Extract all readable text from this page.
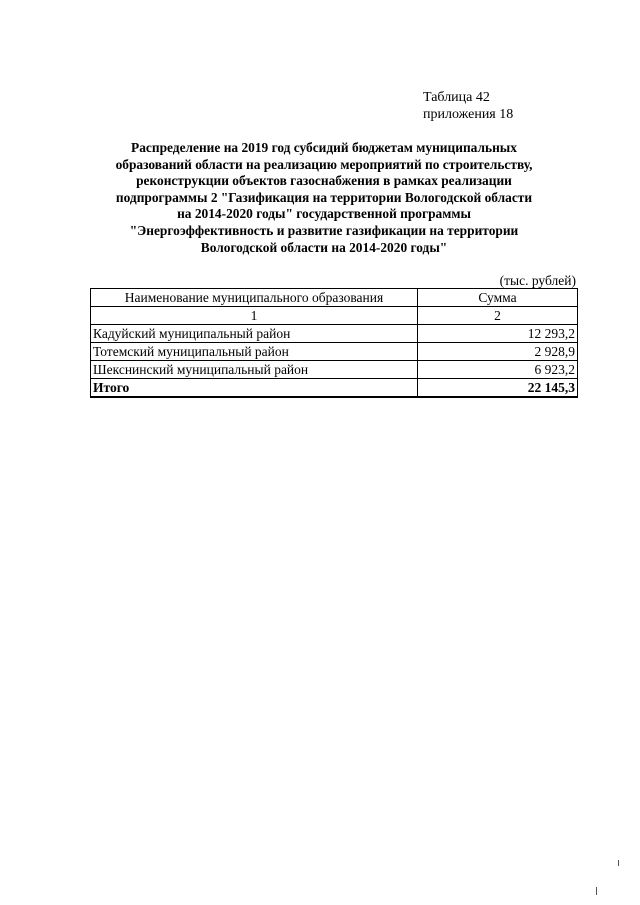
Таблица 42
приложения 18
Распределение на 2019 год субсидий бюджетам муниципальных
образований области на реализацию мероприятий по строительству,
реконструкции объектов газоснабжения в рамках реализации
подпрограммы 2 "Газификация на территории Вологодской области
на 2014-2020 годы" государственной программы
"Энергоэффективность и развитие газификации на территории
Вологодской области на 2014-2020 годы"
(тыс. рублей)
Наименование муниципального образования	Сумма
1	2
Кадуйский муниципальный район	12 293,2
Тотемский муниципальный район	2 928,9
Шекснинский муниципальный район	6 923,2
Итого	22 145,3
